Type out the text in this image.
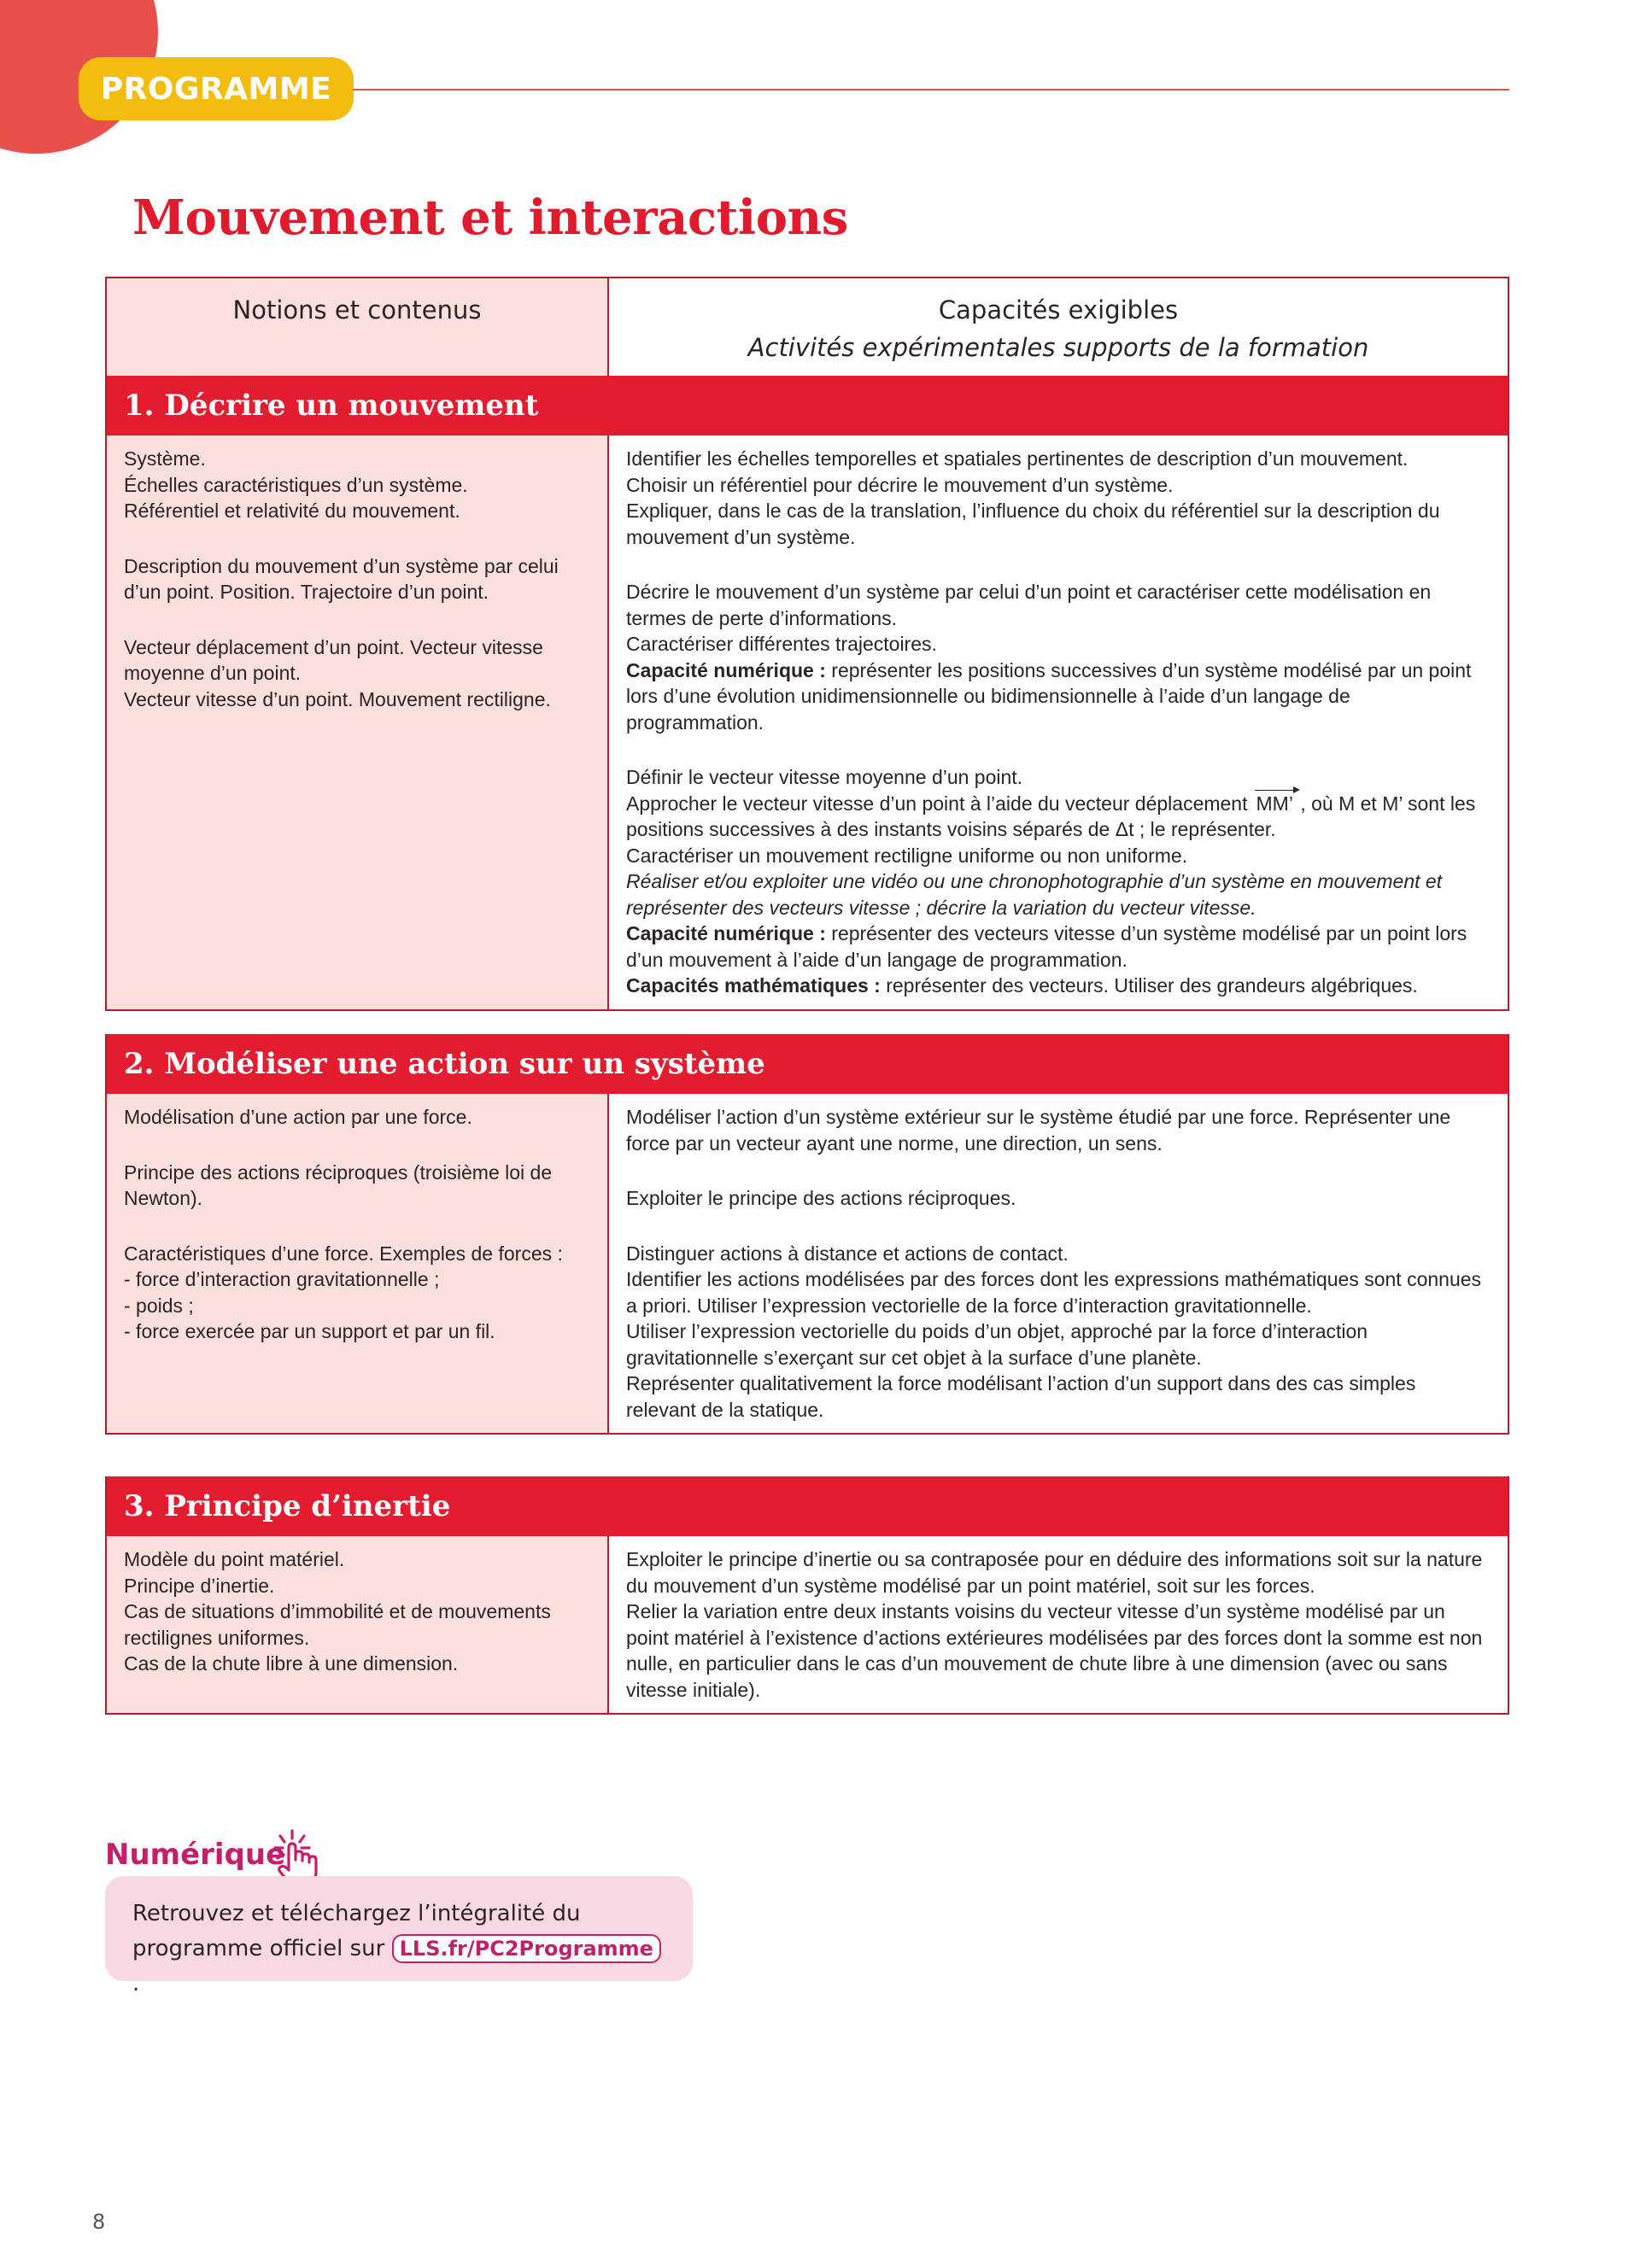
PROGRAMME
Mouvement et interactions
Notions et contenus	Capacités exigibles
Activités expérimentales supports de la formation
1. Décrire un mouvement
Système.
Échelles caractéristiques d’un système.
Référentiel et relativité du mouvement.
Description du mouvement d’un système par celui d’un point. Position. Trajectoire d’un point.
Vecteur déplacement d’un point. Vecteur vitesse moyenne d’un point.
Vecteur vitesse d’un point. Mouvement rectiligne.
Identifier les échelles temporelles et spatiales pertinentes de description d’un mouvement.
Choisir un référentiel pour décrire le mouvement d’un système.
Expliquer, dans le cas de la translation, l’influence du choix du référentiel sur la description du mouvement d’un système.
Décrire le mouvement d’un système par celui d’un point et caractériser cette modélisation en termes de perte d’informations.
Caractériser différentes trajectoires.
Capacité numérique : représenter les positions successives d’un système modélisé par un point lors d’une évolution unidimensionnelle ou bidimensionnelle à l’aide d’un langage de programmation.
Définir le vecteur vitesse moyenne d’un point.
Approcher le vecteur vitesse d’un point à l’aide du vecteur déplacement MM’ , où M et M’ sont les positions successives à des instants voisins séparés de Δt ; le représenter.
Caractériser un mouvement rectiligne uniforme ou non uniforme.
Réaliser et/ou exploiter une vidéo ou une chronophotographie d’un système en mouvement et représenter des vecteurs vitesse ; décrire la variation du vecteur vitesse.
Capacité numérique : représenter des vecteurs vitesse d’un système modélisé par un point lors d’un mouvement à l’aide d’un langage de programmation.
Capacités mathématiques : représenter des vecteurs. Utiliser des grandeurs algébriques.
2. Modéliser une action sur un système
Modélisation d’une action par une force.
Principe des actions réciproques (troisième loi de Newton).
Caractéristiques d’une force. Exemples de forces :
- force d’interaction gravitationnelle ;
- poids ;
- force exercée par un support et par un fil.
Modéliser l’action d’un système extérieur sur le système étudié par une force. Représenter une force par un vecteur ayant une norme, une direction, un sens.
Exploiter le principe des actions réciproques.
Distinguer actions à distance et actions de contact.
Identifier les actions modélisées par des forces dont les expressions mathématiques sont connues a priori. Utiliser l’expression vectorielle de la force d’interaction gravitationnelle.
Utiliser l’expression vectorielle du poids d’un objet, approché par la force d’interaction gravitationnelle s’exerçant sur cet objet à la surface d’une planète.
Représenter qualitativement la force modélisant l’action d’un support dans des cas simples relevant de la statique.
3. Principe d’inertie
Modèle du point matériel.
Principe d’inertie.
Cas de situations d’immobilité et de mouvements rectilignes uniformes.
Cas de la chute libre à une dimension.
Exploiter le principe d’inertie ou sa contraposée pour en déduire des informations soit sur la nature du mouvement d’un système modélisé par un point matériel, soit sur les forces.
Relier la variation entre deux instants voisins du vecteur vitesse d’un système modélisé par un point matériel à l’existence d’actions extérieures modélisées par des forces dont la somme est non nulle, en particulier dans le cas d’un mouvement de chute libre à une dimension (avec ou sans vitesse initiale).
Numérique
Retrouvez et téléchargez l’intégralité du programme officiel sur LLS.fr/PC2Programme.
8
